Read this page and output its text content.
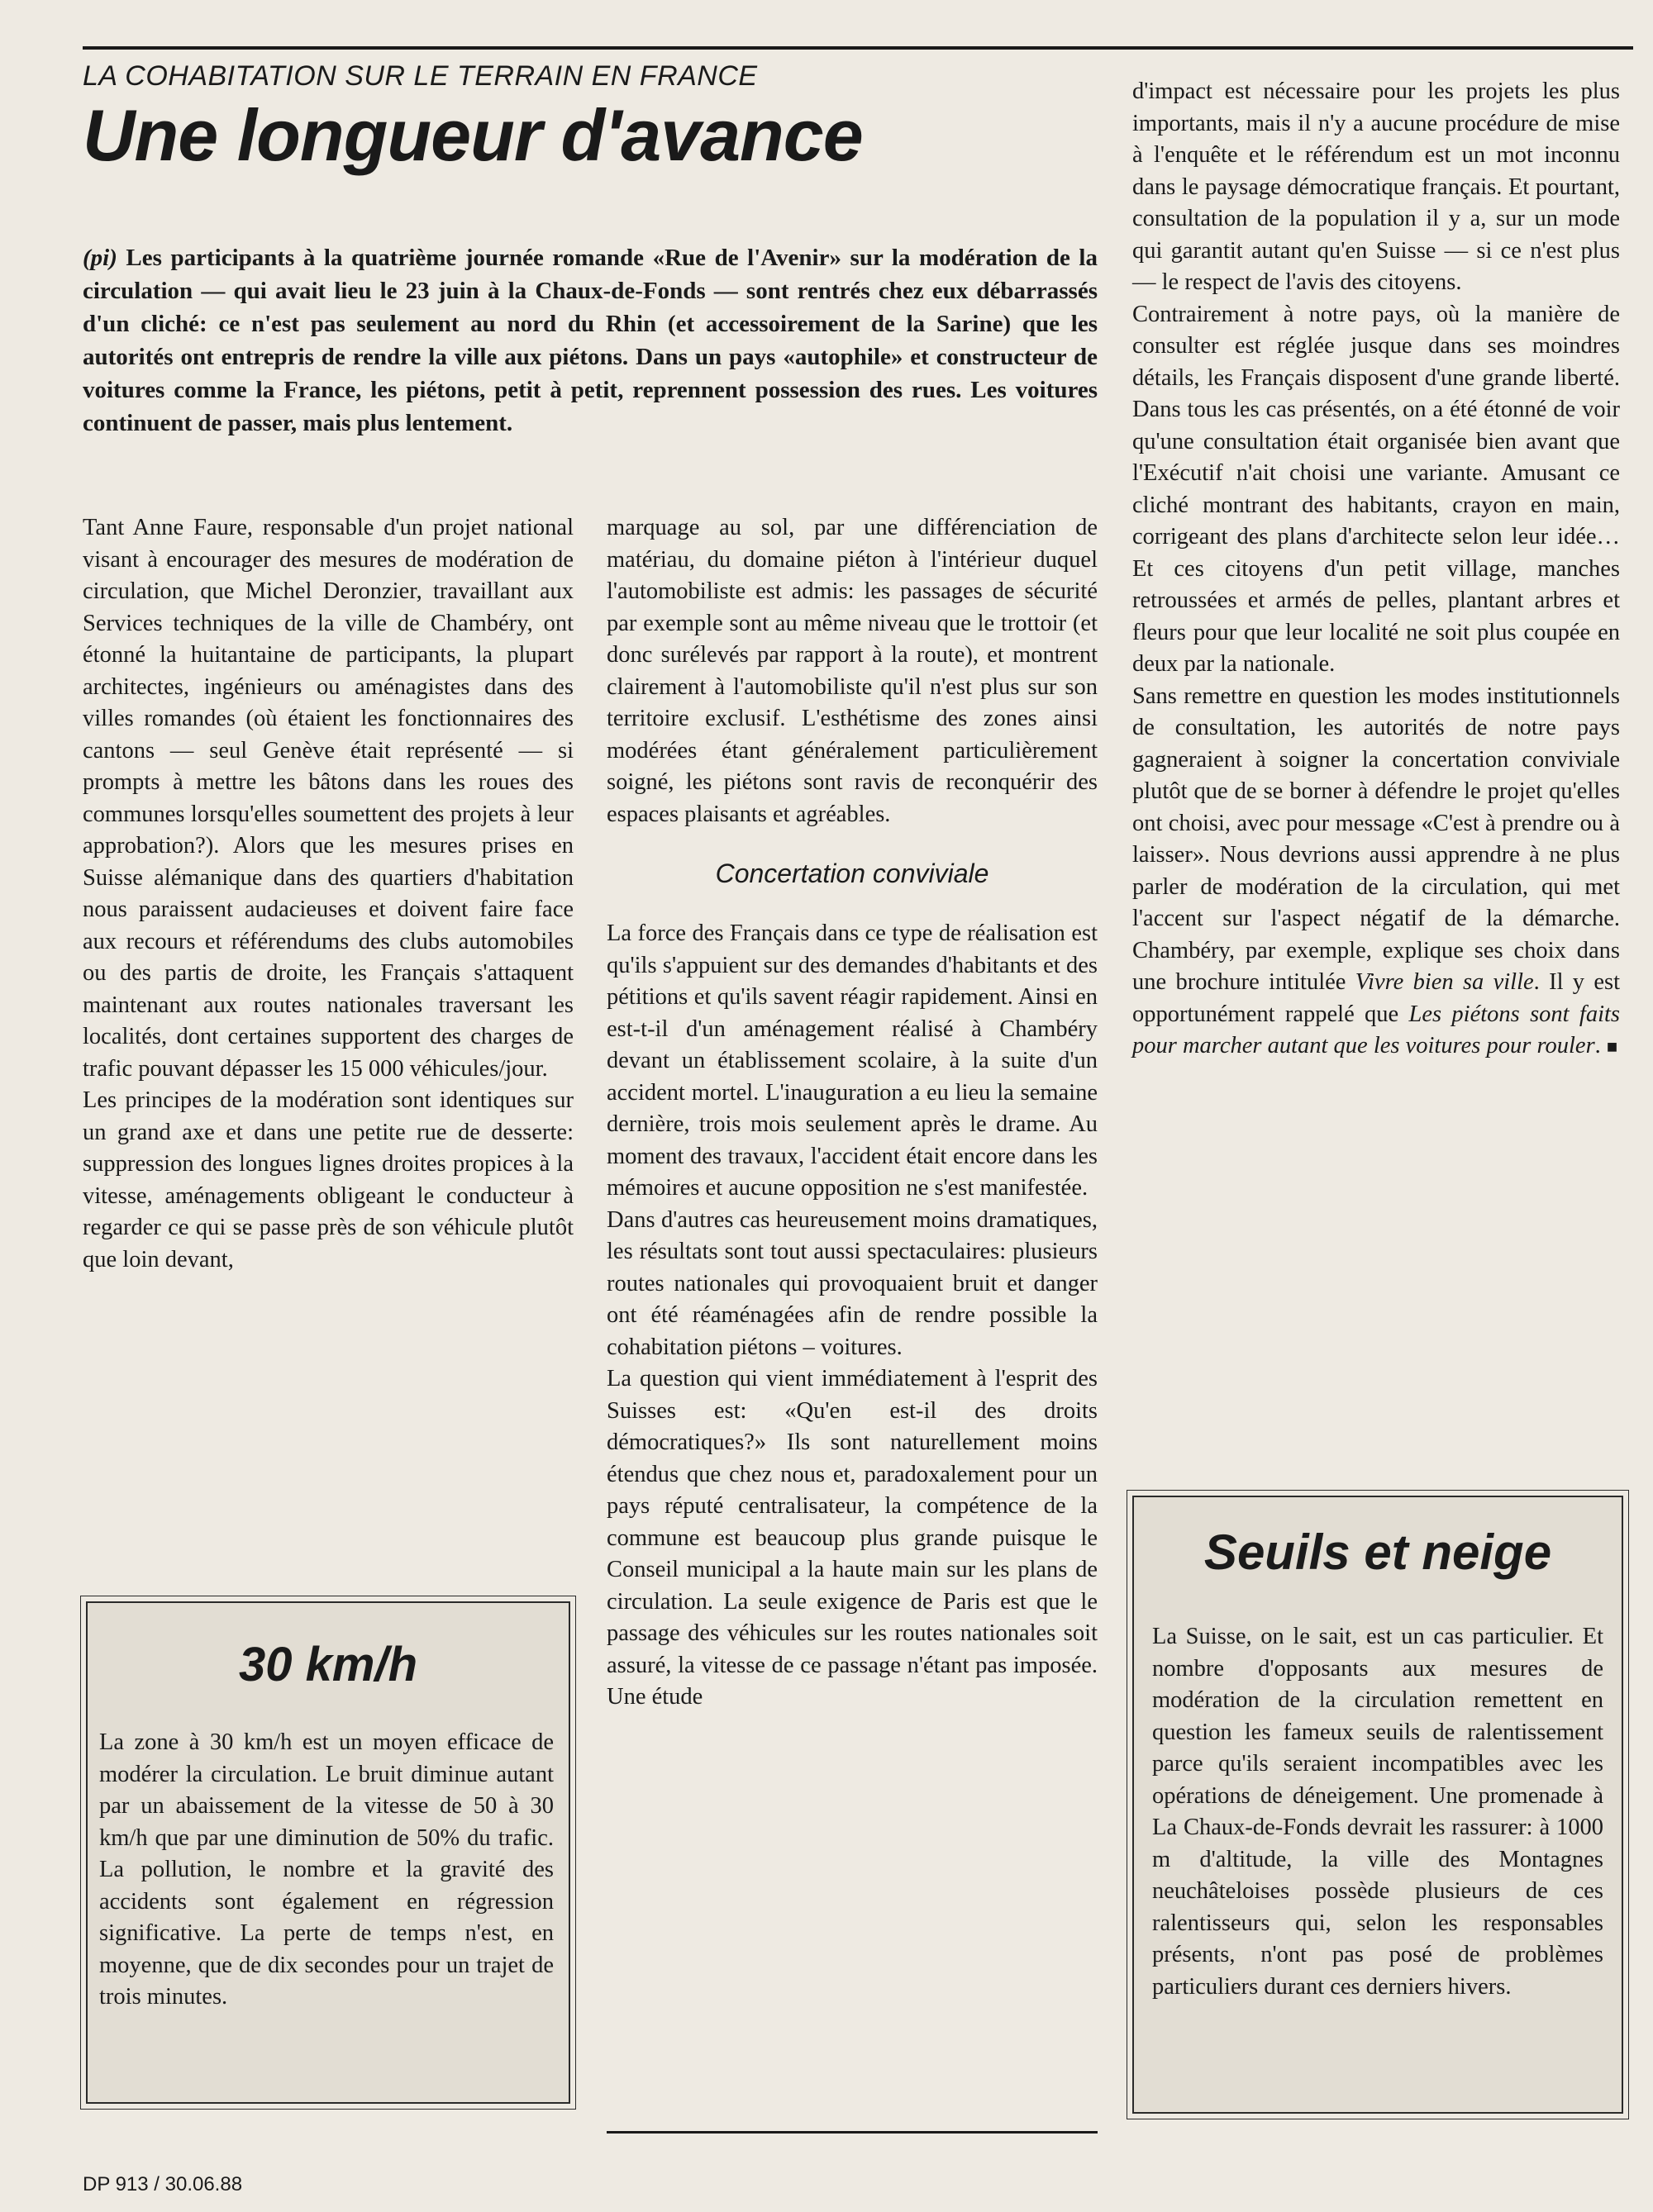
LA COHABITATION SUR LE TERRAIN EN FRANCE
Une longueur d'avance

(pi) Les participants à la quatrième journée romande «Rue de l'Avenir» sur la modération de la circulation — qui avait lieu le 23 juin à la Chaux-de-Fonds — sont rentrés chez eux débarrassés d'un cliché: ce n'est pas seulement au nord du Rhin (et accessoirement de la Sarine) que les autorités ont entrepris de rendre la ville aux piétons. Dans un pays «autophile» et constructeur de voitures comme la France, les piétons, petit à petit, reprennent possession des rues. Les voitures continuent de passer, mais plus lentement.

Tant Anne Faure, responsable d'un projet national visant à encourager des mesures de modération de circulation, que Michel Deronzier, travaillant aux Services techniques de la ville de Chambéry, ont étonné la huitantaine de participants, la plupart architectes, ingénieurs ou aménagistes dans des villes romandes (où étaient les fonctionnaires des cantons — seul Genève était représenté — si prompts à mettre les bâtons dans les roues des communes lorsqu'elles soumettent des projets à leur approbation?). Alors que les mesures prises en Suisse alémanique dans des quartiers d'habitation nous paraissent audacieuses et doivent faire face aux recours et référendums des clubs automobiles ou des partis de droite, les Français s'attaquent maintenant aux routes nationales traversant les localités, dont certaines supportent des charges de trafic pouvant dépasser les 15 000 véhicules/jour.

Les principes de la modération sont identiques sur un grand axe et dans une petite rue de desserte: suppression des longues lignes droites propices à la vitesse, aménagements obligeant le conducteur à regarder ce qui se passe près de son véhicule plutôt que loin devant,

marquage au sol, par une différenciation de matériau, du domaine piéton à l'intérieur duquel l'automobiliste est admis: les passages de sécurité par exemple sont au même niveau que le trottoir (et donc surélevés par rapport à la route), et montrent clairement à l'automobiliste qu'il n'est plus sur son territoire exclusif. L'esthétisme des zones ainsi modérées étant généralement particulièrement soigné, les piétons sont ravis de reconquérir des espaces plaisants et agréables.

Concertation conviviale

La force des Français dans ce type de réalisation est qu'ils s'appuient sur des demandes d'habitants et des pétitions et qu'ils savent réagir rapidement. Ainsi en est-t-il d'un aménagement réalisé à Chambéry devant un établissement scolaire, à la suite d'un accident mortel. L'inauguration a eu lieu la semaine dernière, trois mois seulement après le drame. Au moment des travaux, l'accident était encore dans les mémoires et aucune opposition ne s'est manifestée.

Dans d'autres cas heureusement moins dramatiques, les résultats sont tout aussi spectaculaires: plusieurs routes nationales qui provoquaient bruit et danger ont été réaménagées afin de rendre possible la cohabitation piétons – voitures.

La question qui vient immédiatement à l'esprit des Suisses est: «Qu'en est-il des droits démocratiques?» Ils sont naturellement moins étendus que chez nous et, paradoxalement pour un pays réputé centralisateur, la compétence de la commune est beaucoup plus grande puisque le Conseil municipal a la haute main sur les plans de circulation. La seule exigence de Paris est que le passage des véhicules sur les routes nationales soit assuré, la vitesse de ce passage n'étant pas imposée. Une étude

d'impact est nécessaire pour les projets les plus importants, mais il n'y a aucune procédure de mise à l'enquête et le référendum est un mot inconnu dans le paysage démocratique français. Et pourtant, consultation de la population il y a, sur un mode qui garantit autant qu'en Suisse — si ce n'est plus — le respect de l'avis des citoyens.

Contrairement à notre pays, où la manière de consulter est réglée jusque dans ses moindres détails, les Français disposent d'une grande liberté. Dans tous les cas présentés, on a été étonné de voir qu'une consultation était organisée bien avant que l'Exécutif n'ait choisi une variante. Amusant ce cliché montrant des habitants, crayon en main, corrigeant des plans d'architecte selon leur idée… Et ces citoyens d'un petit village, manches retroussées et armés de pelles, plantant arbres et fleurs pour que leur localité ne soit plus coupée en deux par la nationale.

Sans remettre en question les modes institutionnels de consultation, les autorités de notre pays gagneraient à soigner la concertation conviviale plutôt que de se borner à défendre le projet qu'elles ont choisi, avec pour message «C'est à prendre ou à laisser». Nous devrions aussi apprendre à ne plus parler de modération de la circulation, qui met l'accent sur l'aspect négatif de la démarche. Chambéry, par exemple, explique ses choix dans une brochure intitulée Vivre bien sa ville. Il y est opportunément rappelé que Les piétons sont faits pour marcher autant que les voitures pour rouler. ■

30 km/h

La zone à 30 km/h est un moyen efficace de modérer la circulation. Le bruit diminue autant par un abaissement de la vitesse de 50 à 30 km/h que par une diminution de 50% du trafic. La pollution, le nombre et la gravité des accidents sont également en régression significative. La perte de temps n'est, en moyenne, que de dix secondes pour un trajet de trois minutes.

Seuils et neige

La Suisse, on le sait, est un cas particulier. Et nombre d'opposants aux mesures de modération de la circulation remettent en question les fameux seuils de ralentissement parce qu'ils seraient incompatibles avec les opérations de déneigement. Une promenade à La Chaux-de-Fonds devrait les rassurer: à 1000 m d'altitude, la ville des Montagnes neuchâteloises possède plusieurs de ces ralentisseurs qui, selon les responsables présents, n'ont pas posé de problèmes particuliers durant ces derniers hivers.

DP 913 / 30.06.88
